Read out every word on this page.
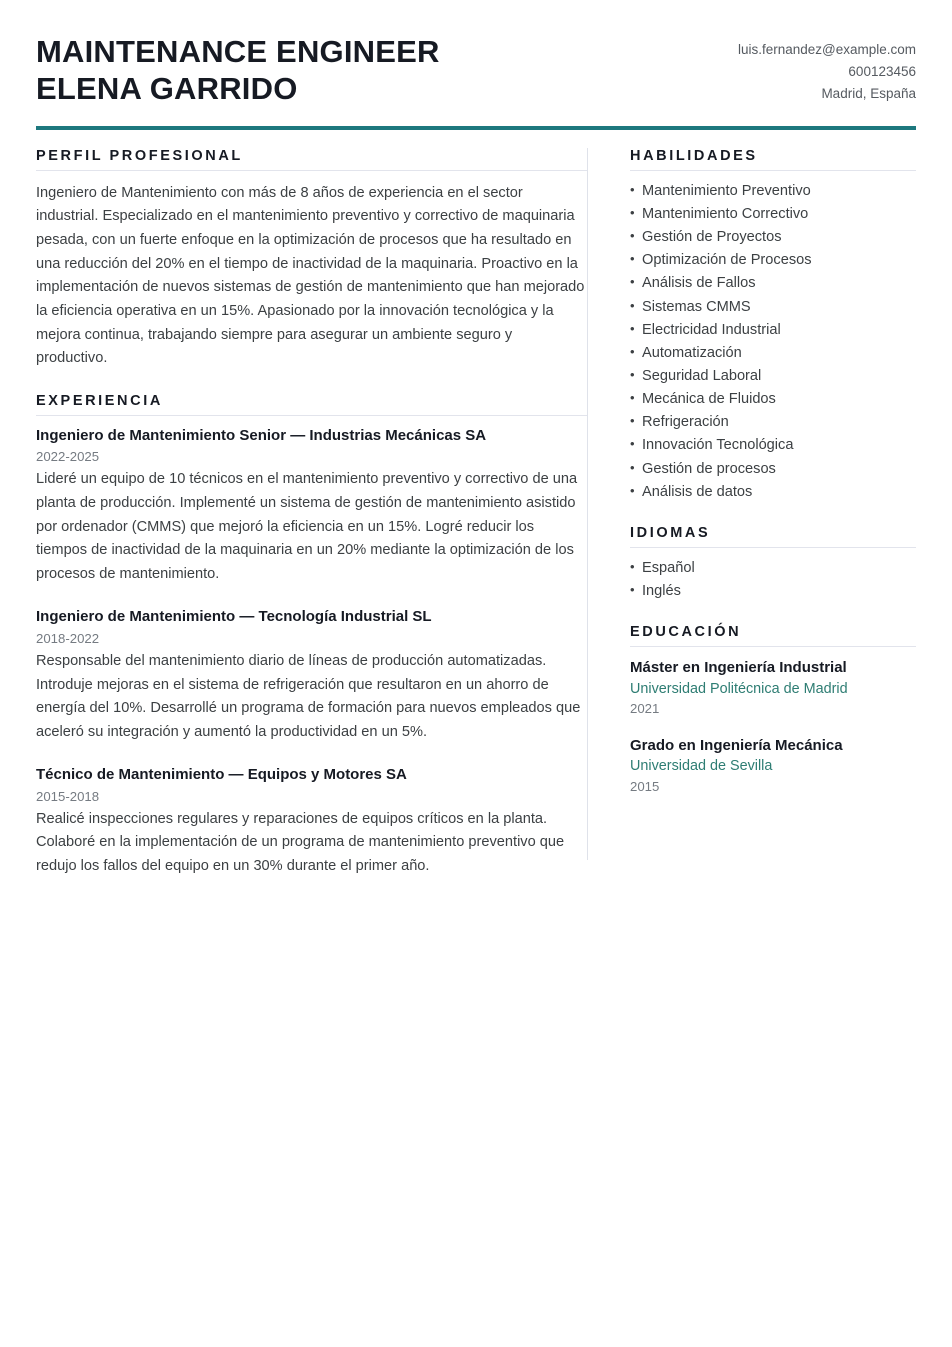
MAINTENANCE ENGINEER
ELENA GARRIDO
luis.fernandez@example.com
600123456
Madrid, España
PERFIL PROFESIONAL
Ingeniero de Mantenimiento con más de 8 años de experiencia en el sector industrial. Especializado en el mantenimiento preventivo y correctivo de maquinaria pesada, con un fuerte enfoque en la optimización de procesos que ha resultado en una reducción del 20% en el tiempo de inactividad de la maquinaria. Proactivo en la implementación de nuevos sistemas de gestión de mantenimiento que han mejorado la eficiencia operativa en un 15%. Apasionado por la innovación tecnológica y la mejora continua, trabajando siempre para asegurar un ambiente seguro y productivo.
EXPERIENCIA
Ingeniero de Mantenimiento Senior — Industrias Mecánicas SA
2022-2025
Lideré un equipo de 10 técnicos en el mantenimiento preventivo y correctivo de una planta de producción. Implementé un sistema de gestión de mantenimiento asistido por ordenador (CMMS) que mejoró la eficiencia en un 15%. Logré reducir los tiempos de inactividad de la maquinaria en un 20% mediante la optimización de los procesos de mantenimiento.
Ingeniero de Mantenimiento — Tecnología Industrial SL
2018-2022
Responsable del mantenimiento diario de líneas de producción automatizadas. Introduje mejoras en el sistema de refrigeración que resultaron en un ahorro de energía del 10%. Desarrollé un programa de formación para nuevos empleados que aceleró su integración y aumentó la productividad en un 5%.
Técnico de Mantenimiento — Equipos y Motores SA
2015-2018
Realicé inspecciones regulares y reparaciones de equipos críticos en la planta. Colaboré en la implementación de un programa de mantenimiento preventivo que redujo los fallos del equipo en un 30% durante el primer año.
HABILIDADES
• Mantenimiento Preventivo
• Mantenimiento Correctivo
• Gestión de Proyectos
• Optimización de Procesos
• Análisis de Fallos
• Sistemas CMMS
• Electricidad Industrial
• Automatización
• Seguridad Laboral
• Mecánica de Fluidos
• Refrigeración
• Innovación Tecnológica
• Gestión de procesos
• Análisis de datos
IDIOMAS
• Español
• Inglés
EDUCACIÓN
Máster en Ingeniería Industrial
Universidad Politécnica de Madrid
2021
Grado en Ingeniería Mecánica
Universidad de Sevilla
2015
